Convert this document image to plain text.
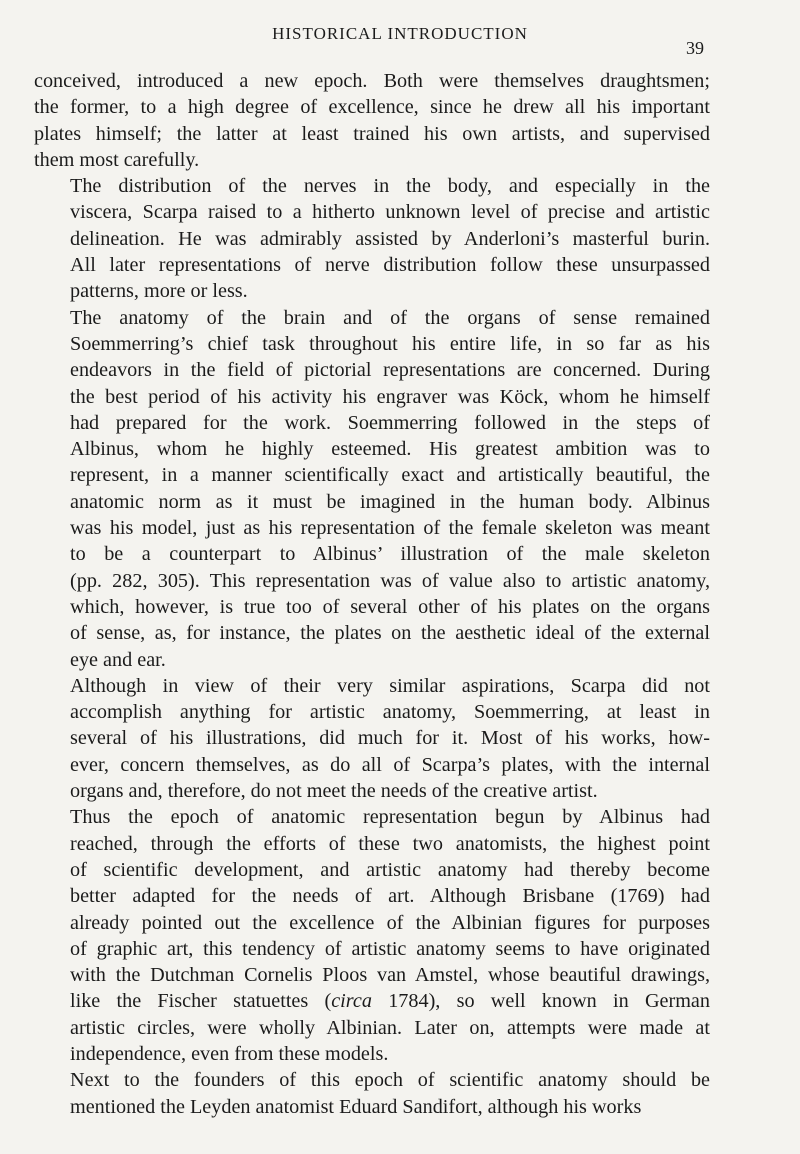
HISTORICAL INTRODUCTION
39

conceived, introduced a new epoch. Both were themselves draughtsmen;
the former, to a high degree of excellence, since he drew all his important
plates himself; the latter at least trained his own artists, and supervised
them most carefully.

The distribution of the nerves in the body, and especially in the
viscera, Scarpa raised to a hitherto unknown level of precise and artistic
delineation. He was admirably assisted by Anderloni’s masterful burin.
All later representations of nerve distribution follow these unsurpassed
patterns, more or less.

The anatomy of the brain and of the organs of sense remained
Soemmerring’s chief task throughout his entire life, in so far as his
endeavors in the field of pictorial representations are concerned. During
the best period of his activity his engraver was Köck, whom he himself
had prepared for the work. Soemmerring followed in the steps of
Albinus, whom he highly esteemed. His greatest ambition was to
represent, in a manner scientifically exact and artistically beautiful, the
anatomic norm as it must be imagined in the human body. Albinus
was his model, just as his representation of the female skeleton was meant
to be a counterpart to Albinus’ illustration of the male skeleton
(pp. 282, 305). This representation was of value also to artistic anatomy,
which, however, is true too of several other of his plates on the organs
of sense, as, for instance, the plates on the aesthetic ideal of the external
eye and ear.

Although in view of their very similar aspirations, Scarpa did not
accomplish anything for artistic anatomy, Soemmerring, at least in
several of his illustrations, did much for it. Most of his works, how-
ever, concern themselves, as do all of Scarpa’s plates, with the internal
organs and, therefore, do not meet the needs of the creative artist.

Thus the epoch of anatomic representation begun by Albinus had
reached, through the efforts of these two anatomists, the highest point
of scientific development, and artistic anatomy had thereby become
better adapted for the needs of art. Although Brisbane (1769) had
already pointed out the excellence of the Albinian figures for purposes
of graphic art, this tendency of artistic anatomy seems to have originated
with the Dutchman Cornelis Ploos van Amstel, whose beautiful drawings,
like the Fischer statuettes (circa 1784), so well known in German
artistic circles, were wholly Albinian. Later on, attempts were made at
independence, even from these models.

Next to the founders of this epoch of scientific anatomy should be
mentioned the Leyden anatomist Eduard Sandifort, although his works
